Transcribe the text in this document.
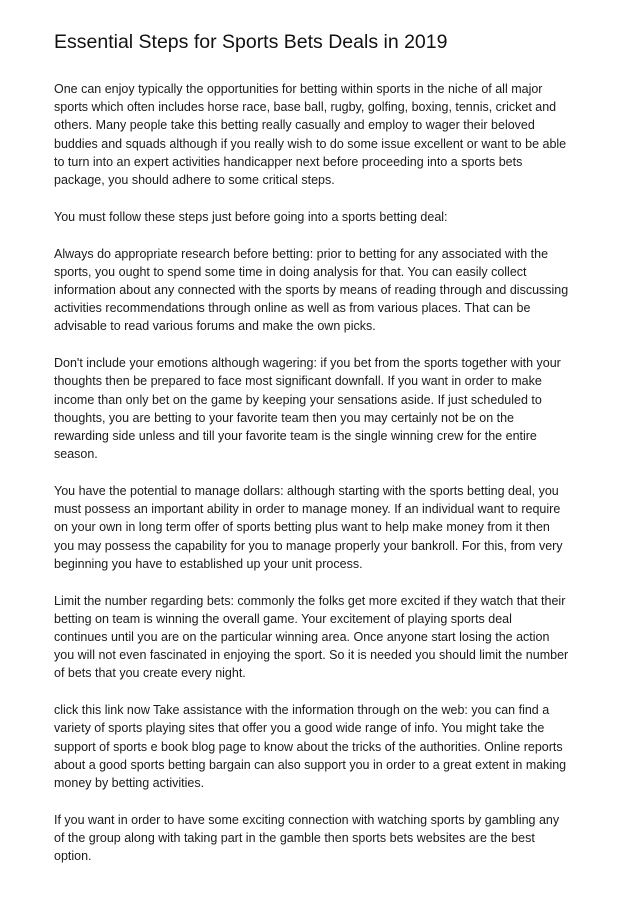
Essential Steps for Sports Bets Deals in 2019

One can enjoy typically the opportunities for betting within sports in the niche of all major
sports which often includes horse race, base ball, rugby, golfing, boxing, tennis, cricket and
others. Many people take this betting really casually and employ to wager their beloved
buddies and squads although if you really wish to do some issue excellent or want to be able
to turn into an expert activities handicapper next before proceeding into a sports bets
package, you should adhere to some critical steps.

You must follow these steps just before going into a sports betting deal:

Always do appropriate research before betting: prior to betting for any associated with the
sports, you ought to spend some time in doing analysis for that. You can easily collect
information about any connected with the sports by means of reading through and discussing
activities recommendations through online as well as from various places. That can be
advisable to read various forums and make the own picks.

Don't include your emotions although wagering: if you bet from the sports together with your
thoughts then be prepared to face most significant downfall. If you want in order to make
income than only bet on the game by keeping your sensations aside. If just scheduled to
thoughts, you are betting to your favorite team then you may certainly not be on the
rewarding side unless and till your favorite team is the single winning crew for the entire
season.

You have the potential to manage dollars: although starting with the sports betting deal, you
must possess an important ability in order to manage money. If an individual want to require
on your own in long term offer of sports betting plus want to help make money from it then
you may possess the capability for you to manage properly your bankroll. For this, from very
beginning you have to established up your unit process.

Limit the number regarding bets: commonly the folks get more excited if they watch that their
betting on team is winning the overall game. Your excitement of playing sports deal
continues until you are on the particular winning area. Once anyone start losing the action
you will not even fascinated in enjoying the sport. So it is needed you should limit the number
of bets that you create every night.

click this link now Take assistance with the information through on the web: you can find a
variety of sports playing sites that offer you a good wide range of info. You might take the
support of sports e book blog page to know about the tricks of the authorities. Online reports
about a good sports betting bargain can also support you in order to a great extent in making
money by betting activities.

If you want in order to have some exciting connection with watching sports by gambling any
of the group along with taking part in the gamble then sports bets websites are the best
option.
